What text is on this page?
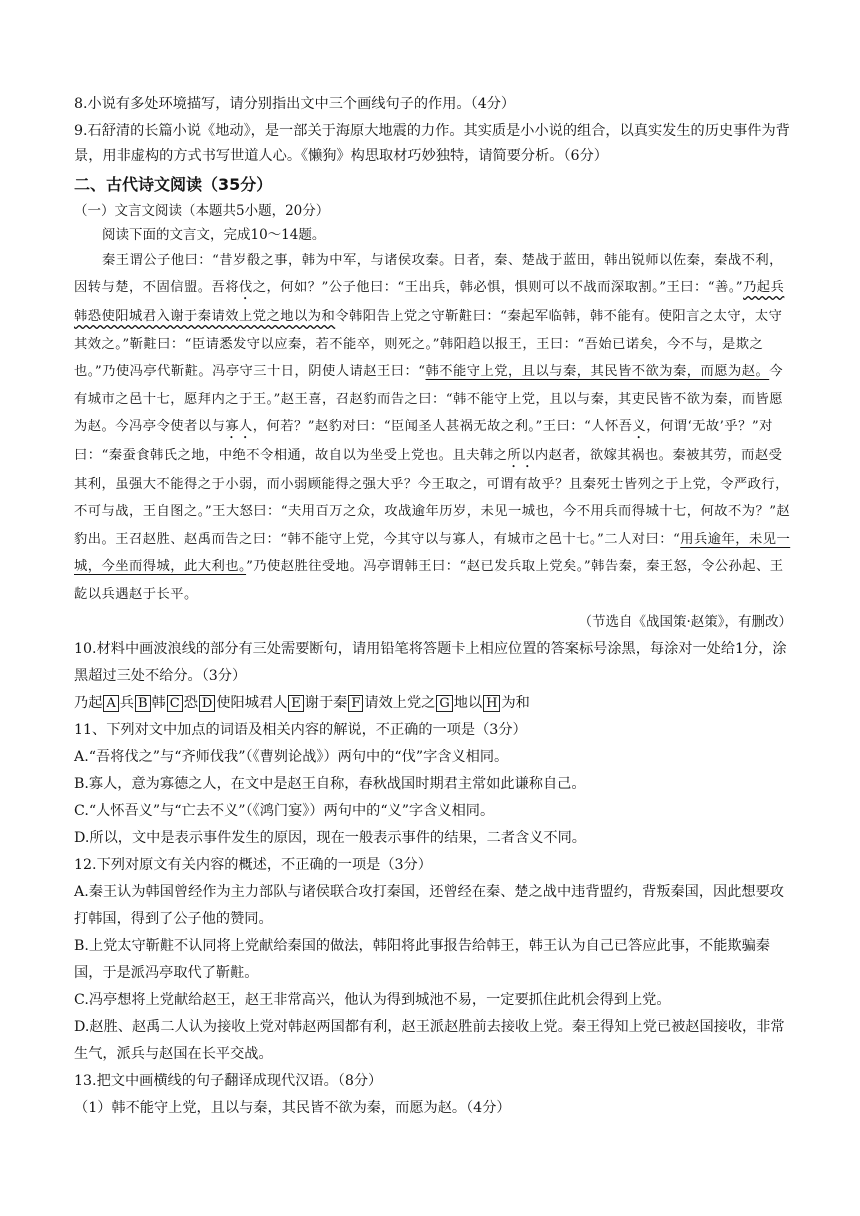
8.小说有多处环境描写，请分别指出文中三个画线句子的作用。（4分）
9.石舒清的长篇小说《地动》，是一部关于海原大地震的力作。其实质是小小说的组合，以真实发生的历史事件为背景，用非虚构的方式书写世道人心。《懒狗》构思取材巧妙独特，请简要分析。（6分）
二、古代诗文阅读（35分）
（一）文言文阅读（本题共5小题，20分）
阅读下面的文言文，完成10～14题。

秦王谓公子他曰：“昔岁殽之事，韩为中军，与诸侯攻秦。日者，秦、楚战于蓝田，韩出锐师以佐秦，秦战不利，因转与楚，不固信盟。吾将伐之，何如？”公子他曰：“王出兵，韩必惧，惧则可以不战而深取割。”王曰：“善。”乃起兵韩恐使阳城君入谢于秦请效上党之地以为和令韩阳告上党之守靳黈曰：“秦起军临韩，韩不能有。使阳言之太守，太守其效之。”靳黈曰：“臣请悉发守以应秦，若不能卒，则死之。”韩阳趋以报王，王曰：“吾始已诺矣，今不与，是欺之也。”乃使冯亭代靳黈。冯亭守三十日，阴使人请赵王曰：“韩不能守上党，且以与秦，其民皆不欲为秦，而愿为赵。今有城市之邑十七，愿拜内之于王。”赵王喜，召赵豹而告之曰：“韩不能守上党，且以与秦，其吏民皆不欲为秦，而皆愿为赵。今冯亭令使者以与寡人，何若？”赵豹对曰：“臣闻圣人甚祸无故之利。”王曰：“人怀吾义，何谓‘无故’乎？”对曰：“秦蚕食韩氏之地，中绝不令相通，故自以为坐受上党也。且夫韩之所以内赵者，欲嫁其祸也。秦被其劳，而赵受其利，虽强大不能得之于小弱，而小弱顾能得之强大乎？今王取之，可谓有故乎？且秦死士皆列之于上党，令严政行，不可与战，王自图之。”王大怒曰：“夫用百万之众，攻战逾年历岁，未见一城也，今不用兵而得城十七，何故不为？”赵豹出。王召赵胜、赵禹而告之曰：“韩不能守上党，今其守以与寡人，有城市之邑十七。”二人对曰：“用兵逾年，未见一城，今坐而得城，此大利也。”乃使赵胜往受地。冯亭谓韩王曰：“赵已发兵取上党矣。”韩告秦，秦王怒，令公孙起、王龁以兵遇赵于长平。

（节选自《战国策·赵策》，有删改）
10.材料中画波浪线的部分有三处需要断句，请用铅笔将答题卡上相应位置的答案标号涂黑，每涂对一处给1分，涂黑超过三处不给分。（3分）
乃起 A 兵 B 韩 C 恐 D 使阳城君人 E 谢于秦 F 请效上党之 G 地以 H 为和
11、下列对文中加点的词语及相关内容的解说，不正确的一项是（3分）
A.“吾将伐之”与“齐师伐我”（《曹刿论战》）两句中的“伐”字含义相同。
B.寡人，意为寡德之人，在文中是赵王自称，春秋战国时期君主常如此谦称自己。
C.“人怀吾义”与“亡去不义”（《鸿门宴》）两句中的“义”字含义相同。
D.所以，文中是表示事件发生的原因，现在一般表示事件的结果，二者含义不同。
12.下列对原文有关内容的概述，不正确的一项是（3分）
A.秦王认为韩国曾经作为主力部队与诸侯联合攻打秦国，还曾经在秦、楚之战中违背盟约，背叛秦国，因此想要攻打韩国，得到了公子他的赞同。
B.上党太守靳黈不认同将上党献给秦国的做法，韩阳将此事报告给韩王，韩王认为自己已答应此事，不能欺骗秦国，于是派冯亭取代了靳黈。
C.冯亭想将上党献给赵王，赵王非常高兴，他认为得到城池不易，一定要抓住此机会得到上党。
D.赵胜、赵禹二人认为接收上党对韩赵两国都有利，赵王派赵胜前去接收上党。秦王得知上党已被赵国接收，非常生气，派兵与赵国在长平交战。
13.把文中画横线的句子翻译成现代汉语。（8分）
（1）韩不能守上党，且以与秦，其民皆不欲为秦，而愿为赵。（4分）
